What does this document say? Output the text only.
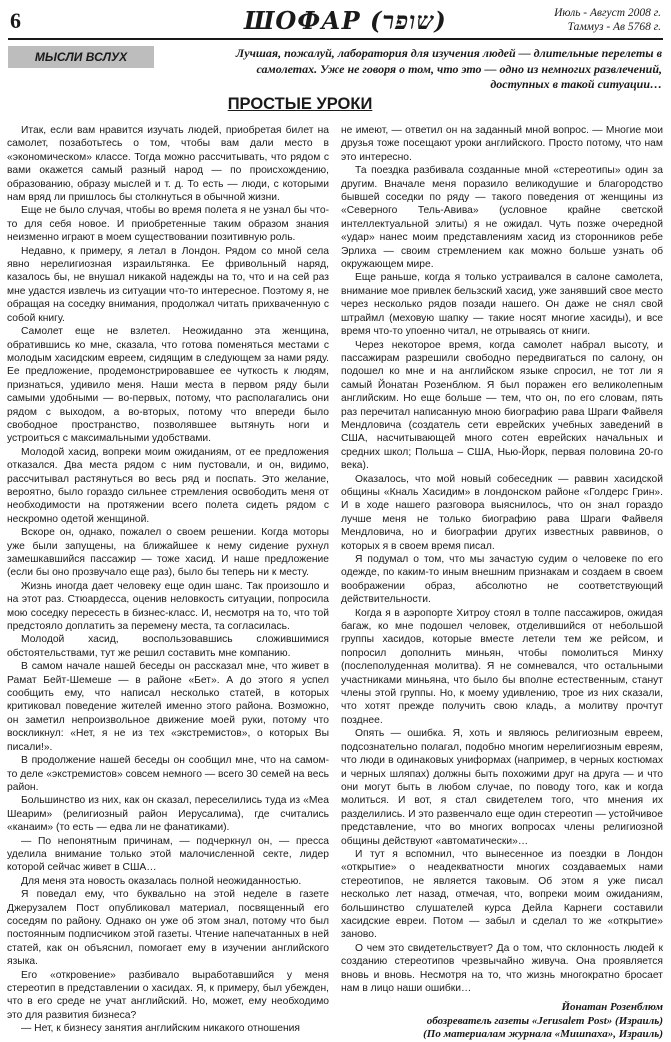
6	ШОФАР (שופר)	Июль - Август 2008 г.
Таммуз - Ав 5768 г.
МЫСЛИ ВСЛУХ	Лучшая, пожалуй, лаборатория для изучения людей — длительные перелеты в самолетах. Уже не говоря о том, что это — одно из немногих развлечений, доступных в такой ситуации…
ПРОСТЫЕ УРОКИ

Итак, если вам нравится изучать людей, приобретая билет на самолет, позаботьтесь о том, чтобы вам дали место в «экономическом» классе. Тогда можно рассчитывать, что рядом с вами окажется самый разный народ — по происхождению, образованию, образу мыслей и т. д. То есть — люди, с которыми нам вряд ли пришлось бы столкнуться в обычной жизни.

Еще не было случая, чтобы во время полета я не узнал бы что-то для себя новое. И приобретенные таким образом знания неизменно играют в моем существовании позитивную роль.

Недавно, к примеру, я летал в Лондон. Рядом со мной села явно нерелигиозная израильтянка. Ее фривольный наряд, казалось бы, не внушал никакой надежды на то, что и на сей раз мне удастся извлечь из ситуации что-то интересное. Поэтому я, не обращая на соседку внимания, продолжал читать прихваченную с собой книгу.

Самолет еще не взлетел. Неожиданно эта женщина, обратившись ко мне, сказала, что готова поменяться местами с молодым хасидским евреем, сидящим в следующем за нами ряду. Ее предложение, продемонстрировавшее ее чуткость к людям, признаться, удивило меня. Наши места в первом ряду были самыми удобными — во-первых, потому, что располагались они рядом с выходом, а во-вторых, потому что впереди было свободное пространство, позволявшее вытянуть ноги и устроиться с максимальными удобствами.

Молодой хасид, вопреки моим ожиданиям, от ее предложения отказался. Два места рядом с ним пустовали, и он, видимо, рассчитывал растянуться во весь ряд и поспать. Это желание, вероятно, было гораздо сильнее стремления освободить меня от необходимости на протяжении всего полета сидеть рядом с нескромно одетой женщиной.

Вскоре он, однако, пожалел о своем решении. Когда моторы уже были запущены, на ближайшее к нему сидение рухнул замешкавшийся пассажир — тоже хасид. И наше предложение (если бы оно прозвучало еще раз), было бы теперь ни к месту.

Жизнь иногда дает человеку еще один шанс. Так произошло и на этот раз. Стюардесса, оценив неловкость ситуации, попросила мою соседку пересесть в бизнес-класс. И, несмотря на то, что той предстояло доплатить за перемену места, та согласилась.

Молодой хасид, воспользовавшись сложившимися обстоятельствами, тут же решил составить мне компанию.

В самом начале нашей беседы он рассказал мне, что живет в Рамат Бейт-Шемеше — в районе «Бет». А до этого я успел сообщить ему, что написал несколько статей, в которых критиковал поведение жителей именно этого района. Возможно, он заметил непроизвольное движение моей руки, потому что воскликнул: «Нет, я не из тех «экстремистов», о которых Вы писали!».

В продолжение нашей беседы он сообщил мне, что на самом-то деле «экстремистов» совсем немного — всего 30 семей на весь район.

Большинство из них, как он сказал, переселились туда из «Меа Шеарим» (религиозный район Иерусалима), где считались «канаим» (то есть — едва ли не фанатиками).

— По непонятным причинам, — подчеркнул он, — пресса уделила внимание только этой малочисленной секте, лидер которой сейчас живет в США…

Для меня эта новость оказалась полной неожиданностью.

Я поведал ему, что буквально на этой неделе в газете Джерузалем Пост опубликовал материал, посвященный его соседям по району. Однако он уже об этом знал, потому что был постоянным подписчиком этой газеты. Чтение напечатанных в ней статей, как он объяснил, помогает ему в изучении английского языка.

Его «откровение» разбивало выработавшийся у меня стереотип в представлении о хасидах. Я, к примеру, был убежден, что в его среде не учат английский. Но, может, ему необходимо это для развития бизнеса?

— Нет, к бизнесу занятия английским никакого отношения

не имеют, — ответил он на заданный мной вопрос. — Многие мои друзья тоже посещают уроки английского. Просто потому, что нам это интересно.

Та поездка разбивала созданные мной «стереотипы» один за другим. Вначале меня поразило великодушие и благородство бывшей соседки по ряду — такого поведения от женщины из «Северного Тель-Авива» (условное крайне светской интеллектуальной элиты) я не ожидал. Чуть позже очередной «удар» нанес моим представлениям хасид из сторонников ребе Эрлиха — своим стремлением как можно больше узнать об окружающем мире.

Еще раньше, когда я только устраивался в салоне самолета, внимание мое привлек бельзский хасид, уже занявший свое место через несколько рядов позади нашего. Он даже не снял свой штраймл (меховую шапку — такие носят многие хасиды), и все время что-то упоенно читал, не отрываясь от книги.

Через некоторое время, когда самолет набрал высоту, и пассажирам разрешили свободно передвигаться по салону, он подошел ко мне и на английском языке спросил, не тот ли я самый Йонатан Розенблюм. Я был поражен его великолепным английским. Но еще больше — тем, что он, по его словам, пять раз перечитал написанную мною биографию рава Шраги Файвеля Мендловича (создатель сети еврейских учебных заведений в США, насчитывающей много сотен еврейских начальных и средних школ; Польша – США, Нью-Йорк, первая половина 20-го века).

Оказалось, что мой новый собеседник — раввин хасидской общины «Кналь Хасидим» в лондонском районе «Голдерс Грин». И в ходе нашего разговора выяснилось, что он знал гораздо лучше меня не только биографию рава Шраги Файвеля Мендловича, но и биографии других известных раввинов, о которых я в своем время писал.

Я подумал о том, что мы зачастую судим о человеке по его одежде, по каким-то иным внешним признакам и создаем в своем воображении образ, абсолютно не соответствующий действительности.

Когда я в аэропорте Хитроу стоял в толпе пассажиров, ожидая багаж, ко мне подошел человек, отделившийся от небольшой группы хасидов, которые вместе летели тем же рейсом, и попросил дополнить миньян, чтобы помолиться Минху (послеполуденная молитва). Я не сомневался, что остальными участниками миньяна, что было бы вполне естественным, станут члены этой группы. Но, к моему удивлению, трое из них сказали, что хотят прежде получить свою кладь, а молитву прочтут позднее.

Опять — ошибка. Я, хоть и являюсь религиозным евреем, подсознательно полагал, подобно многим нерелигиозным евреям, что люди в одинаковых униформах (например, в черных костюмах и черных шляпах) должны быть похожими друг на друга — и что они могут быть в любом случае, по поводу того, как и когда молиться. И вот, я стал свидетелем того, что мнения их разделились. И это развенчало еще один стереотип — устойчивое представление, что во многих вопросах члены религиозной общины действуют «автоматически»…

И тут я вспомнил, что вынесенное из поездки в Лондон «открытие» о неадекватности многих создаваемых нами стереотипов, не является таковым. Об этом я уже писал несколько лет назад, отмечая, что, вопреки моим ожиданиям, большинство слушателей курса Дейла Карнеги составили хасидские евреи. Потом — забыл и сделал то же «открытие» заново.

О чем это свидетельствует? Да о том, что склонность людей к созданию стереотипов чрезвычайно живуча. Она проявляется вновь и вновь. Несмотря на то, что жизнь многократно бросает нам в лицо наши ошибки…

Йонатан Розенблюм
обозреватель газеты «Jerusalem Post» (Израиль)
(По материалам журнала «Мишпаха», Израиль)
